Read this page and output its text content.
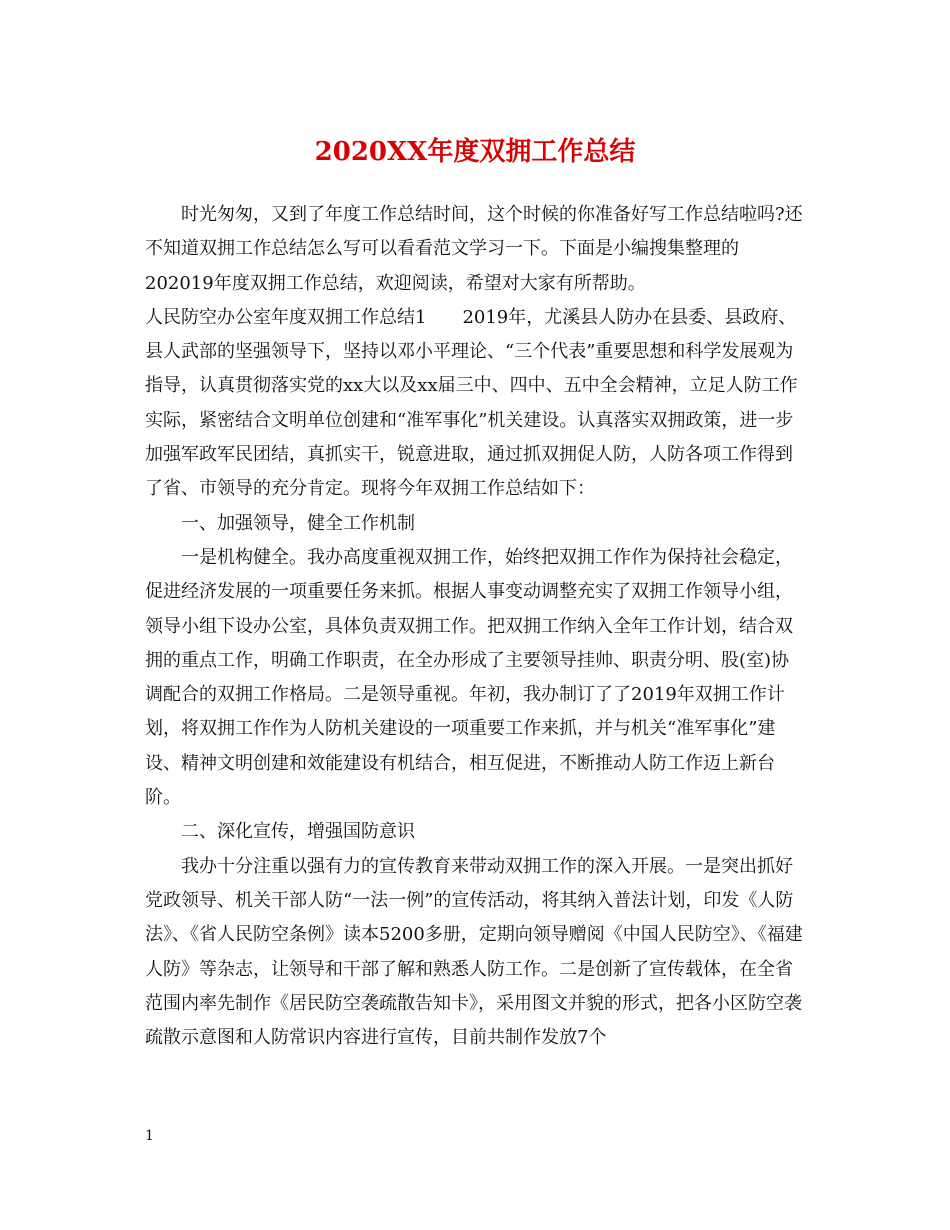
2020XX年度双拥工作总结

时光匆匆，又到了年度工作总结时间，这个时候的你准备好写工作总结啦吗?还不知道双拥工作总结怎么写可以看看范文学习一下。下面是小编搜集整理的202019年度双拥工作总结，欢迎阅读，希望对大家有所帮助。

人民防空办公室年度双拥工作总结1　　2019年，尤溪县人防办在县委、县政府、县人武部的坚强领导下，坚持以邓小平理论、“三个代表”重要思想和科学发展观为指导，认真贯彻落实党的xx大以及xx届三中、四中、五中全会精神，立足人防工作实际，紧密结合文明单位创建和“准军事化”机关建设。认真落实双拥政策，进一步加强军政军民团结，真抓实干，锐意进取，通过抓双拥促人防，人防各项工作得到了省、市领导的充分肯定。现将今年双拥工作总结如下：

一、加强领导，健全工作机制

一是机构健全。我办高度重视双拥工作，始终把双拥工作作为保持社会稳定，促进经济发展的一项重要任务来抓。根据人事变动调整充实了双拥工作领导小组，领导小组下设办公室，具体负责双拥工作。把双拥工作纳入全年工作计划，结合双拥的重点工作，明确工作职责，在全办形成了主要领导挂帅、职责分明、股(室)协调配合的双拥工作格局。二是领导重视。年初，我办制订了了2019年双拥工作计划，将双拥工作作为人防机关建设的一项重要工作来抓，并与机关“准军事化”建设、精神文明创建和效能建设有机结合，相互促进，不断推动人防工作迈上新台阶。

二、深化宣传，增强国防意识

我办十分注重以强有力的宣传教育来带动双拥工作的深入开展。一是突出抓好党政领导、机关干部人防“一法一例”的宣传活动，将其纳入普法计划，印发《人防法》、《省人民防空条例》读本5200多册，定期向领导赠阅《中国人民防空》、《福建人防》等杂志，让领导和干部了解和熟悉人防工作。二是创新了宣传载体，在全省范围内率先制作《居民防空袭疏散告知卡》，采用图文并貌的形式，把各小区防空袭疏散示意图和人防常识内容进行宣传，目前共制作发放7个

1
